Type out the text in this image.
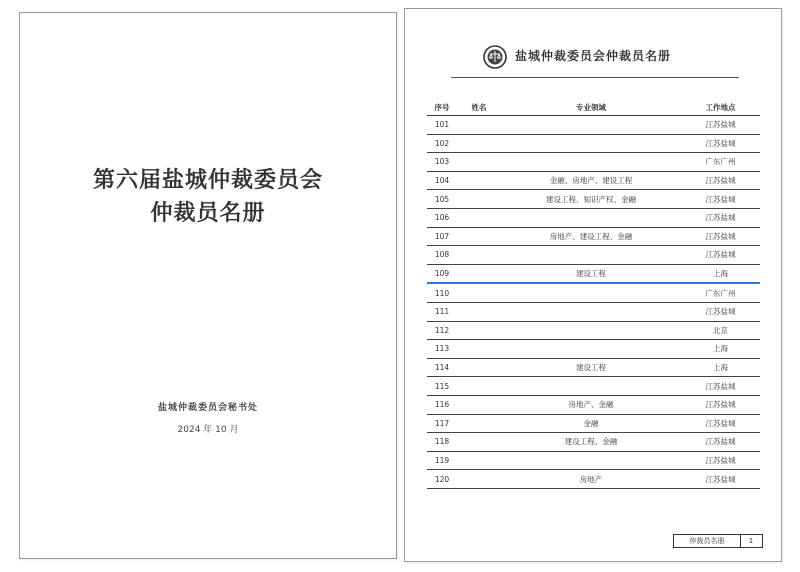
第六届盐城仲裁委员会
仲裁员名册
盐城仲裁委员会秘书处
2024 年 10 月
盐城仲裁委员会仲裁员名册
序号	姓名	专业领域	工作地点
101			江苏盐城
102			江苏盐城
103			广东广州
104		金融、房地产、建设工程	江苏盐城
105		建设工程、知识产权、金融	江苏盐城
106			江苏盐城
107		房地产、建设工程、金融	江苏盐城
108			江苏盐城
109		建设工程	上海
110			广东广州
111			江苏盐城
112			北京
113			上海
114		建设工程	上海
115			江苏盐城
116		房地产、金融	江苏盐城
117		金融	江苏盐城
118		建设工程、金融	江苏盐城
119			江苏盐城
120		房地产	江苏盐城
仲裁员名册	1
